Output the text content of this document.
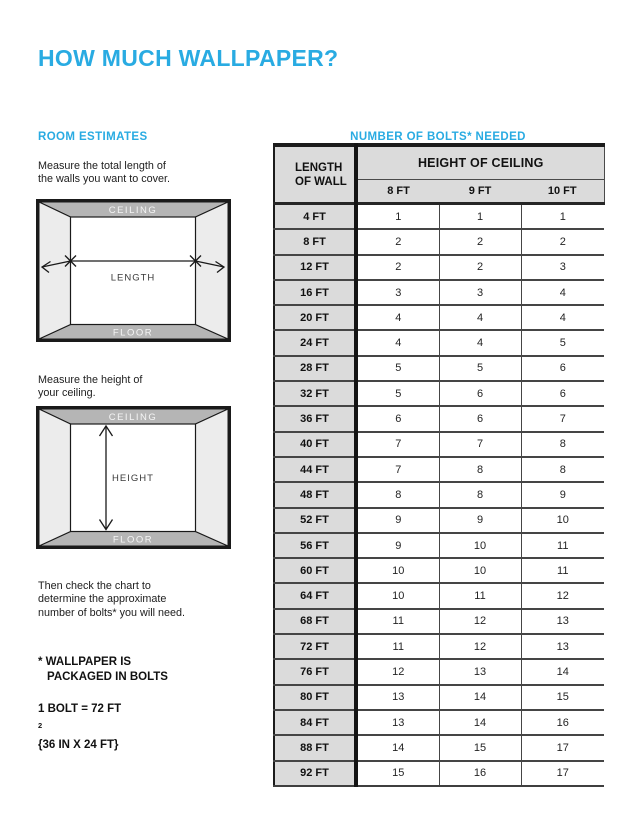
HOW MUCH WALLPAPER?
ROOM ESTIMATES	NUMBER OF BOLTS* NEEDED

Measure the total length of
the walls you want to cover.

CEILING
FLOOR
LENGTH

Measure the height of
your ceiling.

CEILING
FLOOR
HEIGHT

Then check the chart to
determine the approximate
number of bolts* you will need.

* WALLPAPER IS
PACKAGED IN BOLTS
1 BOLT = 72 FT
$^2$
{36 IN X 24 FT}
LENGTH
OF WALL	HEIGHT OF CEILING		
	8 FT	9 FT	10 FT
4 FT	1	1	1
8 FT	2	2	2
12 FT	2	2	3
16 FT	3	3	4
20 FT	4	4	4
24 FT	4	4	5
28 FT	5	5	6
32 FT	5	6	6
36 FT	6	6	7
40 FT	7	7	8
44 FT	7	8	8
48 FT	8	8	9
52 FT	9	9	10
56 FT	9	10	11
60 FT	10	10	11
64 FT	10	11	12
68 FT	11	12	13
72 FT	11	12	13
76 FT	12	13	14
80 FT	13	14	15
84 FT	13	14	16
88 FT	14	15	17
92 FT	15	16	17
